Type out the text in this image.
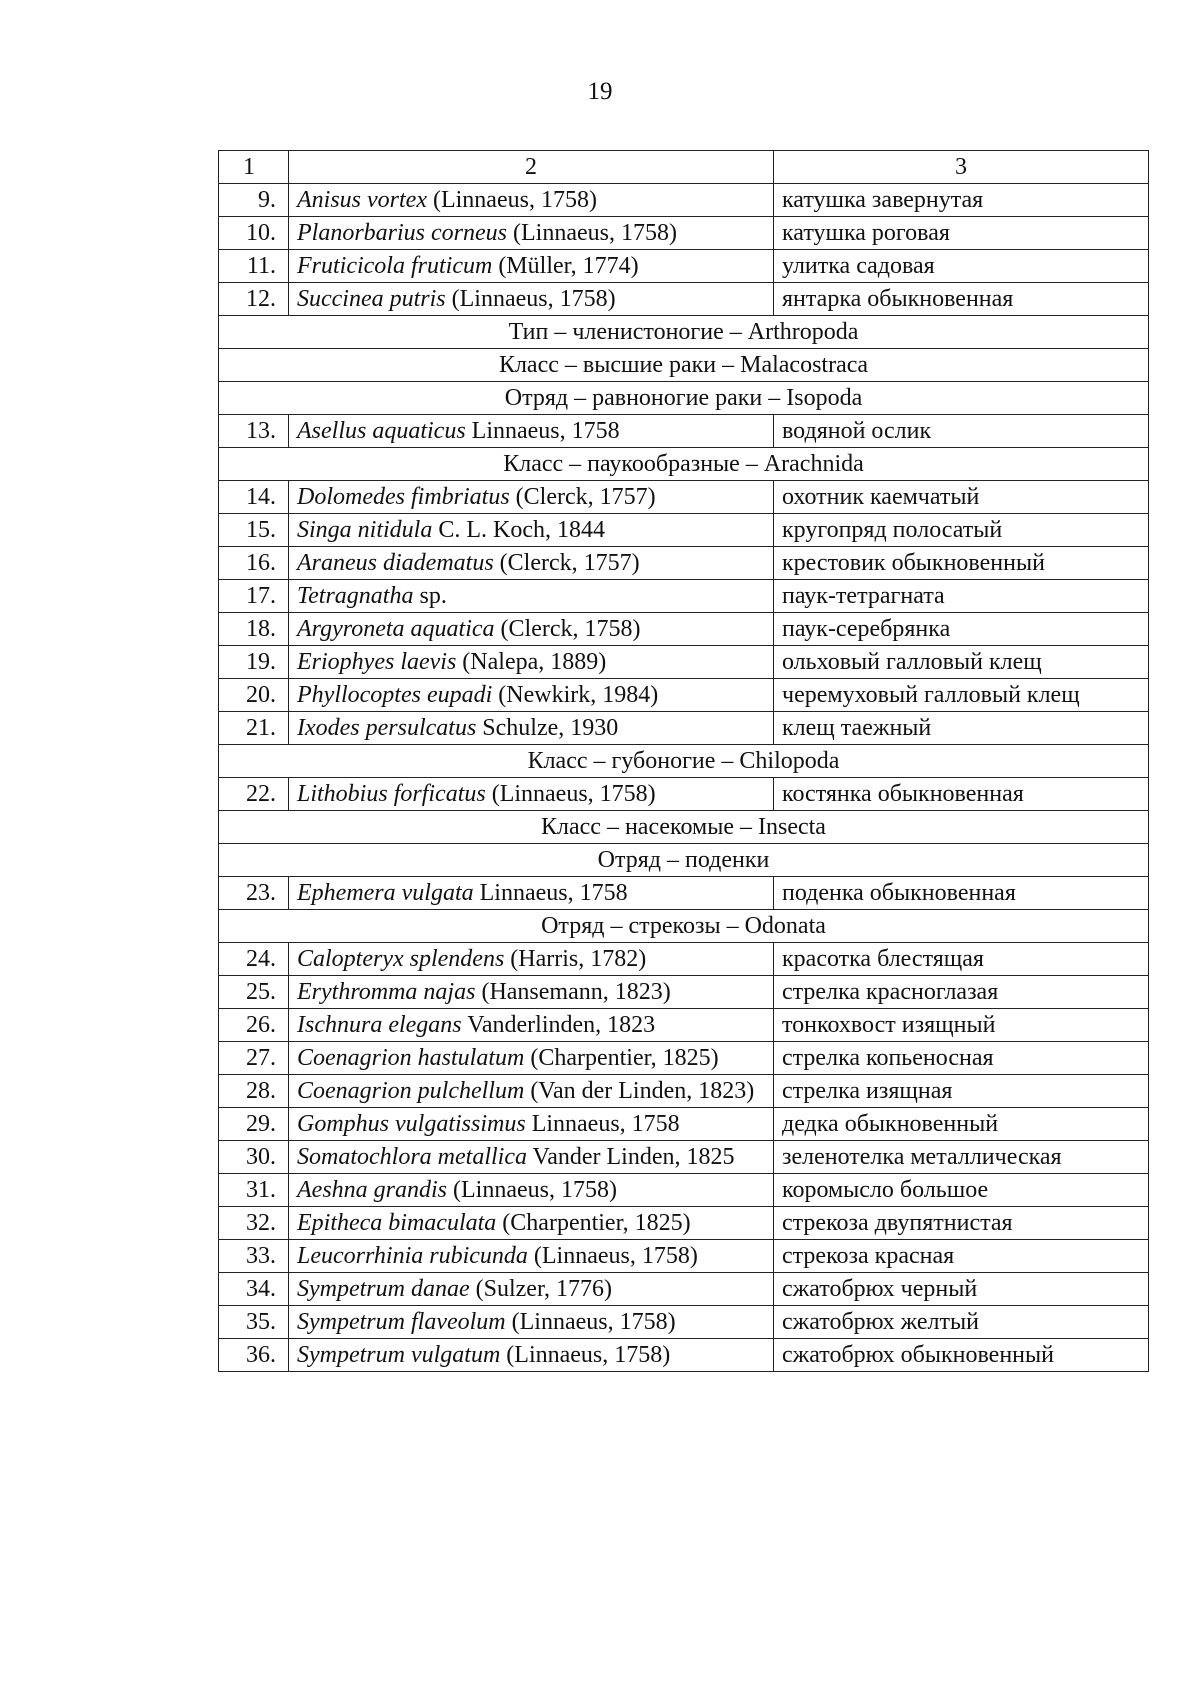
19
1	2	3
9.	Anisus vortex (Linnaeus, 1758)	катушка завернутая
10.	Planorbarius corneus (Linnaeus, 1758)	катушка роговая
11.	Fruticicola fruticum (Müller, 1774)	улитка садовая
12.	Succinea putris (Linnaeus, 1758)	янтарка обыкновенная
Тип – членистоногие – Arthropoda		
Класс – высшие раки – Malacostraca		
Отряд – равноногие раки – Isopoda		
13.	Asellus aquaticus Linnaeus, 1758	водяной ослик
Класс – паукообразные – Arachnida		
14.	Dolomedes fimbriatus (Clerck, 1757)	охотник каемчатый
15.	Singa nitidula C. L. Koch, 1844	кругопряд полосатый
16.	Araneus diadematus (Clerck, 1757)	крестовик обыкновенный
17.	Tetragnatha sp.	паук-тетрагната
18.	Argyroneta aquatica (Clerck, 1758)	паук-серебрянка
19.	Eriophyes laevis (Nalepa, 1889)	ольховый галловый клещ
20.	Phyllocoptes eupadi (Newkirk, 1984)	черемуховый галловый клещ
21.	Ixodes persulcatus Schulze, 1930	клещ таежный
Класс – губоногие – Chilopoda		
22.	Lithobius forficatus (Linnaeus, 1758)	костянка обыкновенная
Класс – насекомые – Insecta		
Отряд – поденки		
23.	Ephemera vulgata Linnaeus, 1758	поденка обыкновенная
Отряд – стрекозы – Odonata		
24.	Calopteryx splendens (Harris, 1782)	красотка блестящая
25.	Erythromma najas (Hansemann, 1823)	стрелка красноглазая
26.	Ischnura elegans Vanderlinden, 1823	тонкохвост изящный
27.	Coenagrion hastulatum (Charpentier, 1825)	стрелка копьеносная
28.	Coenagrion pulchellum (Van der Linden, 1823)	стрелка изящная
29.	Gomphus vulgatissimus Linnaeus, 1758	дедка обыкновенный
30.	Somatochlora metallica Vander Linden, 1825	зеленотелка металлическая
31.	Aeshna grandis (Linnaeus, 1758)	коромысло большое
32.	Epitheca bimaculata (Charpentier, 1825)	стрекоза двупятнистая
33.	Leucorrhinia rubicunda (Linnaeus, 1758)	стрекоза красная
34.	Sympetrum danae (Sulzer, 1776)	сжатобрюх черный
35.	Sympetrum flaveolum (Linnaeus, 1758)	сжатобрюх желтый
36.	Sympetrum vulgatum (Linnaeus, 1758)	сжатобрюх обыкновенный
